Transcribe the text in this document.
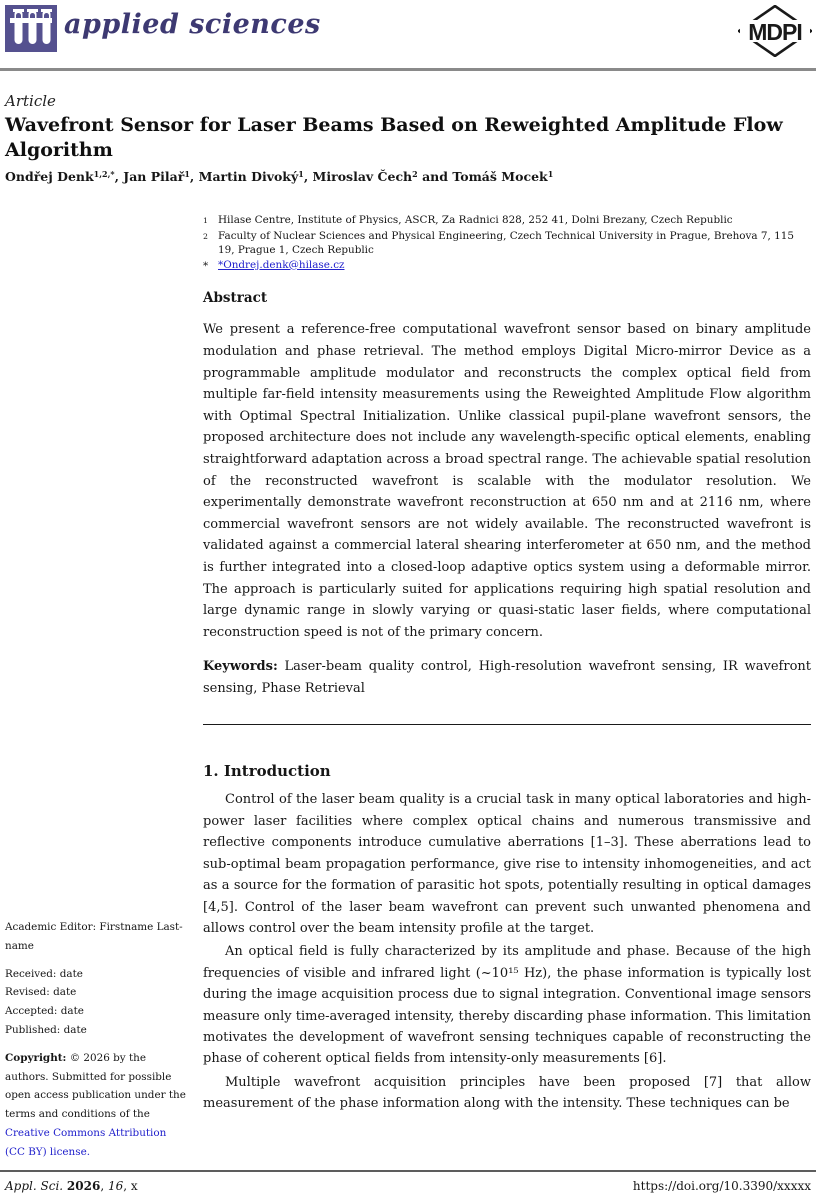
applied sciences	MDPI
Article
Wavefront Sensor for Laser Beams Based on Reweighted Amplitude Flow Algorithm
Ondřej Denk$^{1,2,*}$, Jan Pilař$^1$, Martin Divoký$^1$, Miroslav Čech$^2$ and Tomáš Mocek$^1$
1 Hilase Centre, Institute of Physics, ASCR, Za Radnici 828, 252 41, Dolni Brezany, Czech Republic
2 Faculty of Nuclear Sciences and Physical Engineering, Czech Technical University in Prague, Brehova 7, 115 19, Prague 1, Czech Republic
* *Ondrej.denk@hilase.cz
Abstract

We present a reference-free computational wavefront sensor based on binary amplitude modulation and phase retrieval. The method employs Digital Micro-mirror Device as a programmable amplitude modulator and reconstructs the complex optical field from multiple far-field intensity measurements using the Reweighted Amplitude Flow algorithm with Optimal Spectral Initialization. Unlike classical pupil-plane wavefront sensors, the proposed architecture does not include any wavelength-specific optical elements, enabling straightforward adaptation across a broad spectral range. The achievable spatial resolution of the reconstructed wavefront is scalable with the modulator resolution. We experimentally demonstrate wavefront reconstruction at 650 nm and at 2116 nm, where commercial wavefront sensors are not widely available. The reconstructed wavefront is validated against a commercial lateral shearing interferometer at 650 nm, and the method is further integrated into a closed-loop adaptive optics system using a deformable mirror. The approach is particularly suited for applications requiring high spatial resolution and large dynamic range in slowly varying or quasi-static laser fields, where computational reconstruction speed is not of the primary concern.

Keywords: Laser-beam quality control, High-resolution wavefront sensing, IR wavefront sensing, Phase Retrieval

1. Introduction

Control of the laser beam quality is a crucial task in many optical laboratories and high-power laser facilities where complex optical chains and numerous transmissive and reflective components introduce cumulative aberrations [1–3]. These aberrations lead to sub-optimal beam propagation performance, give rise to intensity inhomogeneities, and act as a source for the formation of parasitic hot spots, potentially resulting in optical damages [4,5]. Control of the laser beam wavefront can prevent such unwanted phenomena and allows control over the beam intensity profile at the target.

An optical field is fully characterized by its amplitude and phase. Because of the high frequencies of visible and infrared light (~10¹⁵ Hz), the phase information is typically lost during the image acquisition process due to signal integration. Conventional image sensors measure only time-averaged intensity, thereby discarding phase information. This limitation motivates the development of wavefront sensing techniques capable of reconstructing the phase of coherent optical fields from intensity-only measurements [6].

Multiple wavefront acquisition principles have been proposed [7] that allow measurement of the phase information along with the intensity. These techniques can be

Academic Editor: Firstname Last-name
Received: date
Revised: date
Accepted: date
Published: date
Copyright: © 2026 by the authors. Submitted for possible open access publication under the terms and conditions of the Creative Commons Attribution (CC BY) license.
Appl. Sci. 2026, 16, x	https://doi.org/10.3390/xxxxx
